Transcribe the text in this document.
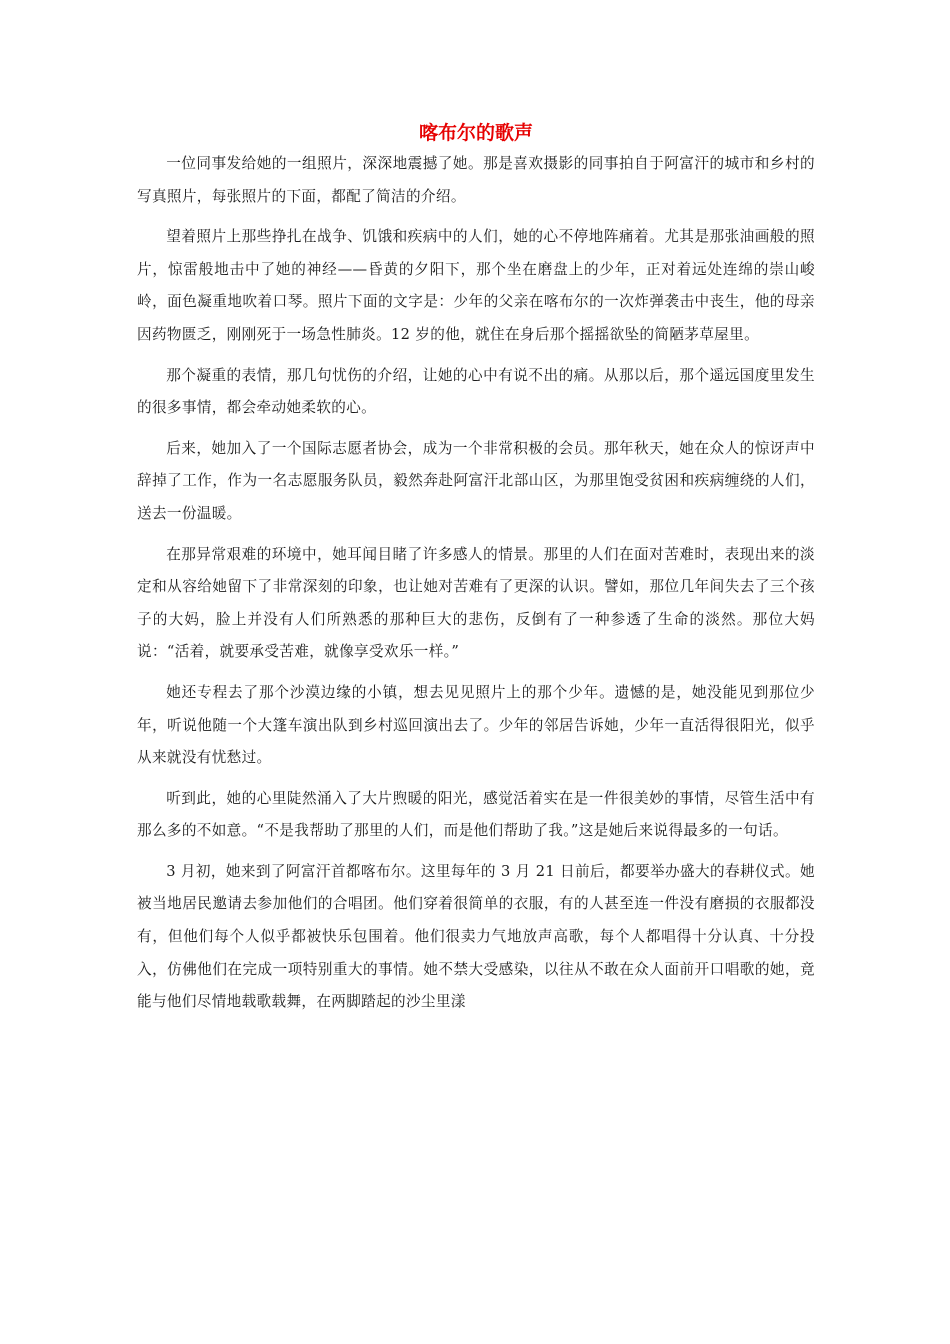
喀布尔的歌声

一位同事发给她的一组照片，深深地震撼了她。那是喜欢摄影的同事拍自于阿富汗的城市和乡村的写真照片，每张照片的下面，都配了简洁的介绍。

望着照片上那些挣扎在战争、饥饿和疾病中的人们，她的心不停地阵痛着。尤其是那张油画般的照片，惊雷般地击中了她的神经——昏黄的夕阳下，那个坐在磨盘上的少年，正对着远处连绵的崇山峻岭，面色凝重地吹着口琴。照片下面的文字是：少年的父亲在喀布尔的一次炸弹袭击中丧生，他的母亲因药物匮乏，刚刚死于一场急性肺炎。12 岁的他，就住在身后那个摇摇欲坠的简陋茅草屋里。

那个凝重的表情，那几句忧伤的介绍，让她的心中有说不出的痛。从那以后，那个遥远国度里发生的很多事情，都会牵动她柔软的心。

后来，她加入了一个国际志愿者协会，成为一个非常积极的会员。那年秋天，她在众人的惊讶声中辞掉了工作，作为一名志愿服务队员，毅然奔赴阿富汗北部山区，为那里饱受贫困和疾病缠绕的人们，送去一份温暖。

在那异常艰难的环境中，她耳闻目睹了许多感人的情景。那里的人们在面对苦难时，表现出来的淡定和从容给她留下了非常深刻的印象，也让她对苦难有了更深的认识。譬如，那位几年间失去了三个孩子的大妈，脸上并没有人们所熟悉的那种巨大的悲伤，反倒有了一种参透了生命的淡然。那位大妈说：“活着，就要承受苦难，就像享受欢乐一样。”

她还专程去了那个沙漠边缘的小镇，想去见见照片上的那个少年。遗憾的是，她没能见到那位少年，听说他随一个大篷车演出队到乡村巡回演出去了。少年的邻居告诉她，少年一直活得很阳光，似乎从来就没有忧愁过。

听到此，她的心里陡然涌入了大片煦暖的阳光，感觉活着实在是一件很美妙的事情，尽管生活中有那么多的不如意。“不是我帮助了那里的人们，而是他们帮助了我。”这是她后来说得最多的一句话。

3 月初，她来到了阿富汗首都喀布尔。这里每年的 3 月 21 日前后，都要举办盛大的春耕仪式。她被当地居民邀请去参加他们的合唱团。他们穿着很简单的衣服，有的人甚至连一件没有磨损的衣服都没有，但他们每个人似乎都被快乐包围着。他们很卖力气地放声高歌，每个人都唱得十分认真、十分投入，仿佛他们在完成一项特别重大的事情。她不禁大受感染，以往从不敢在众人面前开口唱歌的她，竟能与他们尽情地载歌载舞，在两脚踏起的沙尘里漾
